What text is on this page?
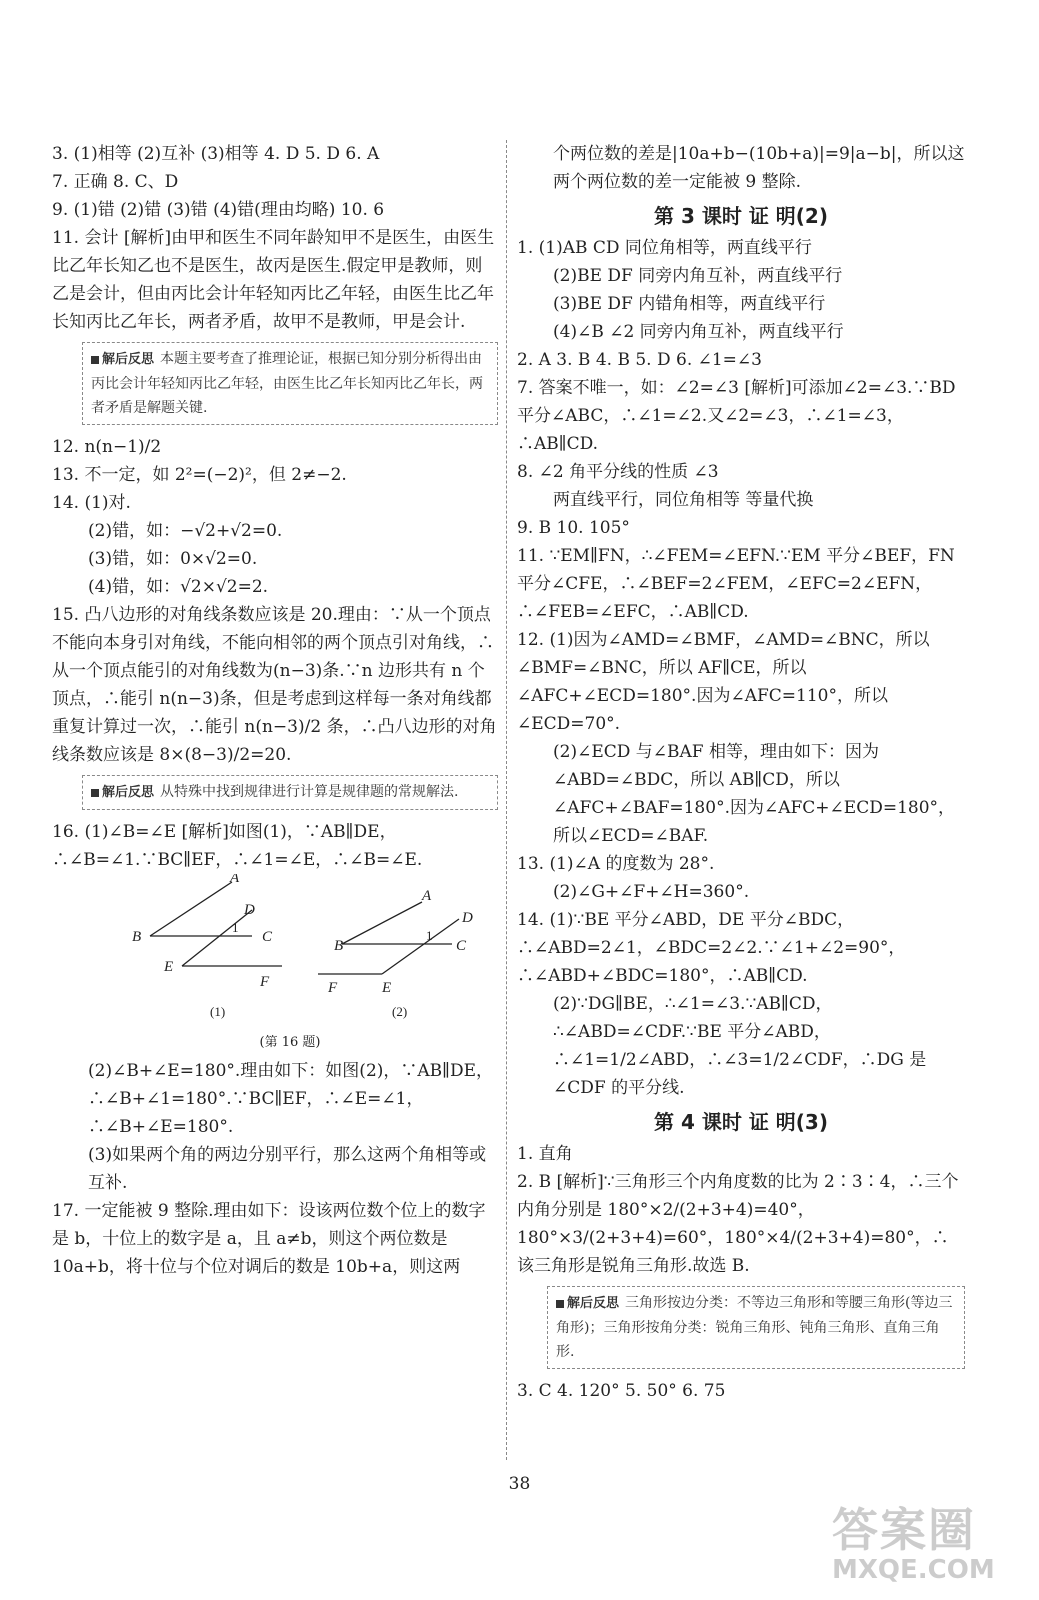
3. (1)相等 (2)互补 (3)相等 4. D 5. D 6. A

7. 正确 8. C、D

9. (1)错 (2)错 (3)错 (4)错(理由均略) 10. 6

11. 会计 [解析]由甲和医生不同年龄知甲不是医生，由医生比乙年长知乙也不是医生，故丙是医生.假定甲是教师，则乙是会计，但由丙比会计年轻知丙比乙年轻，由医生比乙年长知丙比乙年长，两者矛盾，故甲不是教师，甲是会计.

解后反思 本题主要考查了推理论证，根据已知分别分析得出由丙比会计年轻知丙比乙年轻，由医生比乙年长知丙比乙年长，两者矛盾是解题关键.

12. n(n−1)/2

13. 不一定，如 2²=(−2)²，但 2≠−2.

14. (1)对.

(2)错，如：−√2+√2=0.

(3)错，如：0×√2=0.

(4)错，如：√2×√2=2.

15. 凸八边形的对角线条数应该是 20.理由：∵从一个顶点不能向本身引对角线，不能向相邻的两个顶点引对角线，∴从一个顶点能引的对角线数为(n−3)条.∵n 边形共有 n 个顶点，∴能引 n(n−3)条，但是考虑到这样每一条对角线都重复计算过一次，∴能引 n(n−3)/2 条，∴凸八边形的对角线条数应该是 8×(8−3)/2=20.

解后反思 从特殊中找到规律进行计算是规律题的常规解法.

16. (1)∠B=∠E [解析]如图(1)，∵AB∥DE，∴∠B=∠1.∵BC∥EF，∴∠1=∠E，∴∠B=∠E.

A
D
B
1
C
E
F
A
D
B
1
C
F	E
(1)	(2)
(第 16 题)

(2)∠B+∠E=180°.理由如下：如图(2)，∵AB∥DE，∴∠B+∠1=180°.∵BC∥EF，∴∠E=∠1，∴∠B+∠E=180°.

(3)如果两个角的两边分别平行，那么这两个角相等或互补.

17. 一定能被 9 整除.理由如下：设该两位数个位上的数字是 b，十位上的数字是 a，且 a≠b，则这个两位数是 10a+b，将十位与个位对调后的数是 10b+a，则这两

个两位数的差是|10a+b−(10b+a)|=9|a−b|，所以这两个两位数的差一定能被 9 整除.

第 3 课时 证 明(2)

1. (1)AB CD 同位角相等，两直线平行

(2)BE DF 同旁内角互补，两直线平行

(3)BE DF 内错角相等，两直线平行

(4)∠B ∠2 同旁内角互补，两直线平行

2. A 3. B 4. B 5. D 6. ∠1=∠3

7. 答案不唯一，如：∠2=∠3 [解析]可添加∠2=∠3.∵BD 平分∠ABC，∴∠1=∠2.又∠2=∠3，∴∠1=∠3，∴AB∥CD.

8. ∠2 角平分线的性质 ∠3

两直线平行，同位角相等 等量代换

9. B 10. 105°

11. ∵EM∥FN，∴∠FEM=∠EFN.∵EM 平分∠BEF，FN 平分∠CFE，∴∠BEF=2∠FEM，∠EFC=2∠EFN，∴∠FEB=∠EFC，∴AB∥CD.

12. (1)因为∠AMD=∠BMF，∠AMD=∠BNC，所以∠BMF=∠BNC，所以 AF∥CE，所以∠AFC+∠ECD=180°.因为∠AFC=110°，所以∠ECD=70°.

(2)∠ECD 与∠BAF 相等，理由如下：因为∠ABD=∠BDC，所以 AB∥CD，所以∠AFC+∠BAF=180°.因为∠AFC+∠ECD=180°，所以∠ECD=∠BAF.

13. (1)∠A 的度数为 28°.

(2)∠G+∠F+∠H=360°.

14. (1)∵BE 平分∠ABD，DE 平分∠BDC，∴∠ABD=2∠1，∠BDC=2∠2.∵∠1+∠2=90°，∴∠ABD+∠BDC=180°，∴AB∥CD.

(2)∵DG∥BE，∴∠1=∠3.∵AB∥CD，∴∠ABD=∠CDF.∵BE 平分∠ABD，∴∠1=1/2∠ABD，∴∠3=1/2∠CDF，∴DG 是∠CDF 的平分线.

第 4 课时 证 明(3)

1. 直角

2. B [解析]∵三角形三个内角度数的比为 2∶3∶4，∴三个内角分别是 180°×2/(2+3+4)=40°，180°×3/(2+3+4)=60°，180°×4/(2+3+4)=80°，∴该三角形是锐角三角形.故选 B.

解后反思 三角形按边分类：不等边三角形和等腰三角形(等边三角形)；三角形按角分类：锐角三角形、钝角三角形、直角三角形.

3. C 4. 120° 5. 50° 6. 75

38
答案圈
MXQE.COM
